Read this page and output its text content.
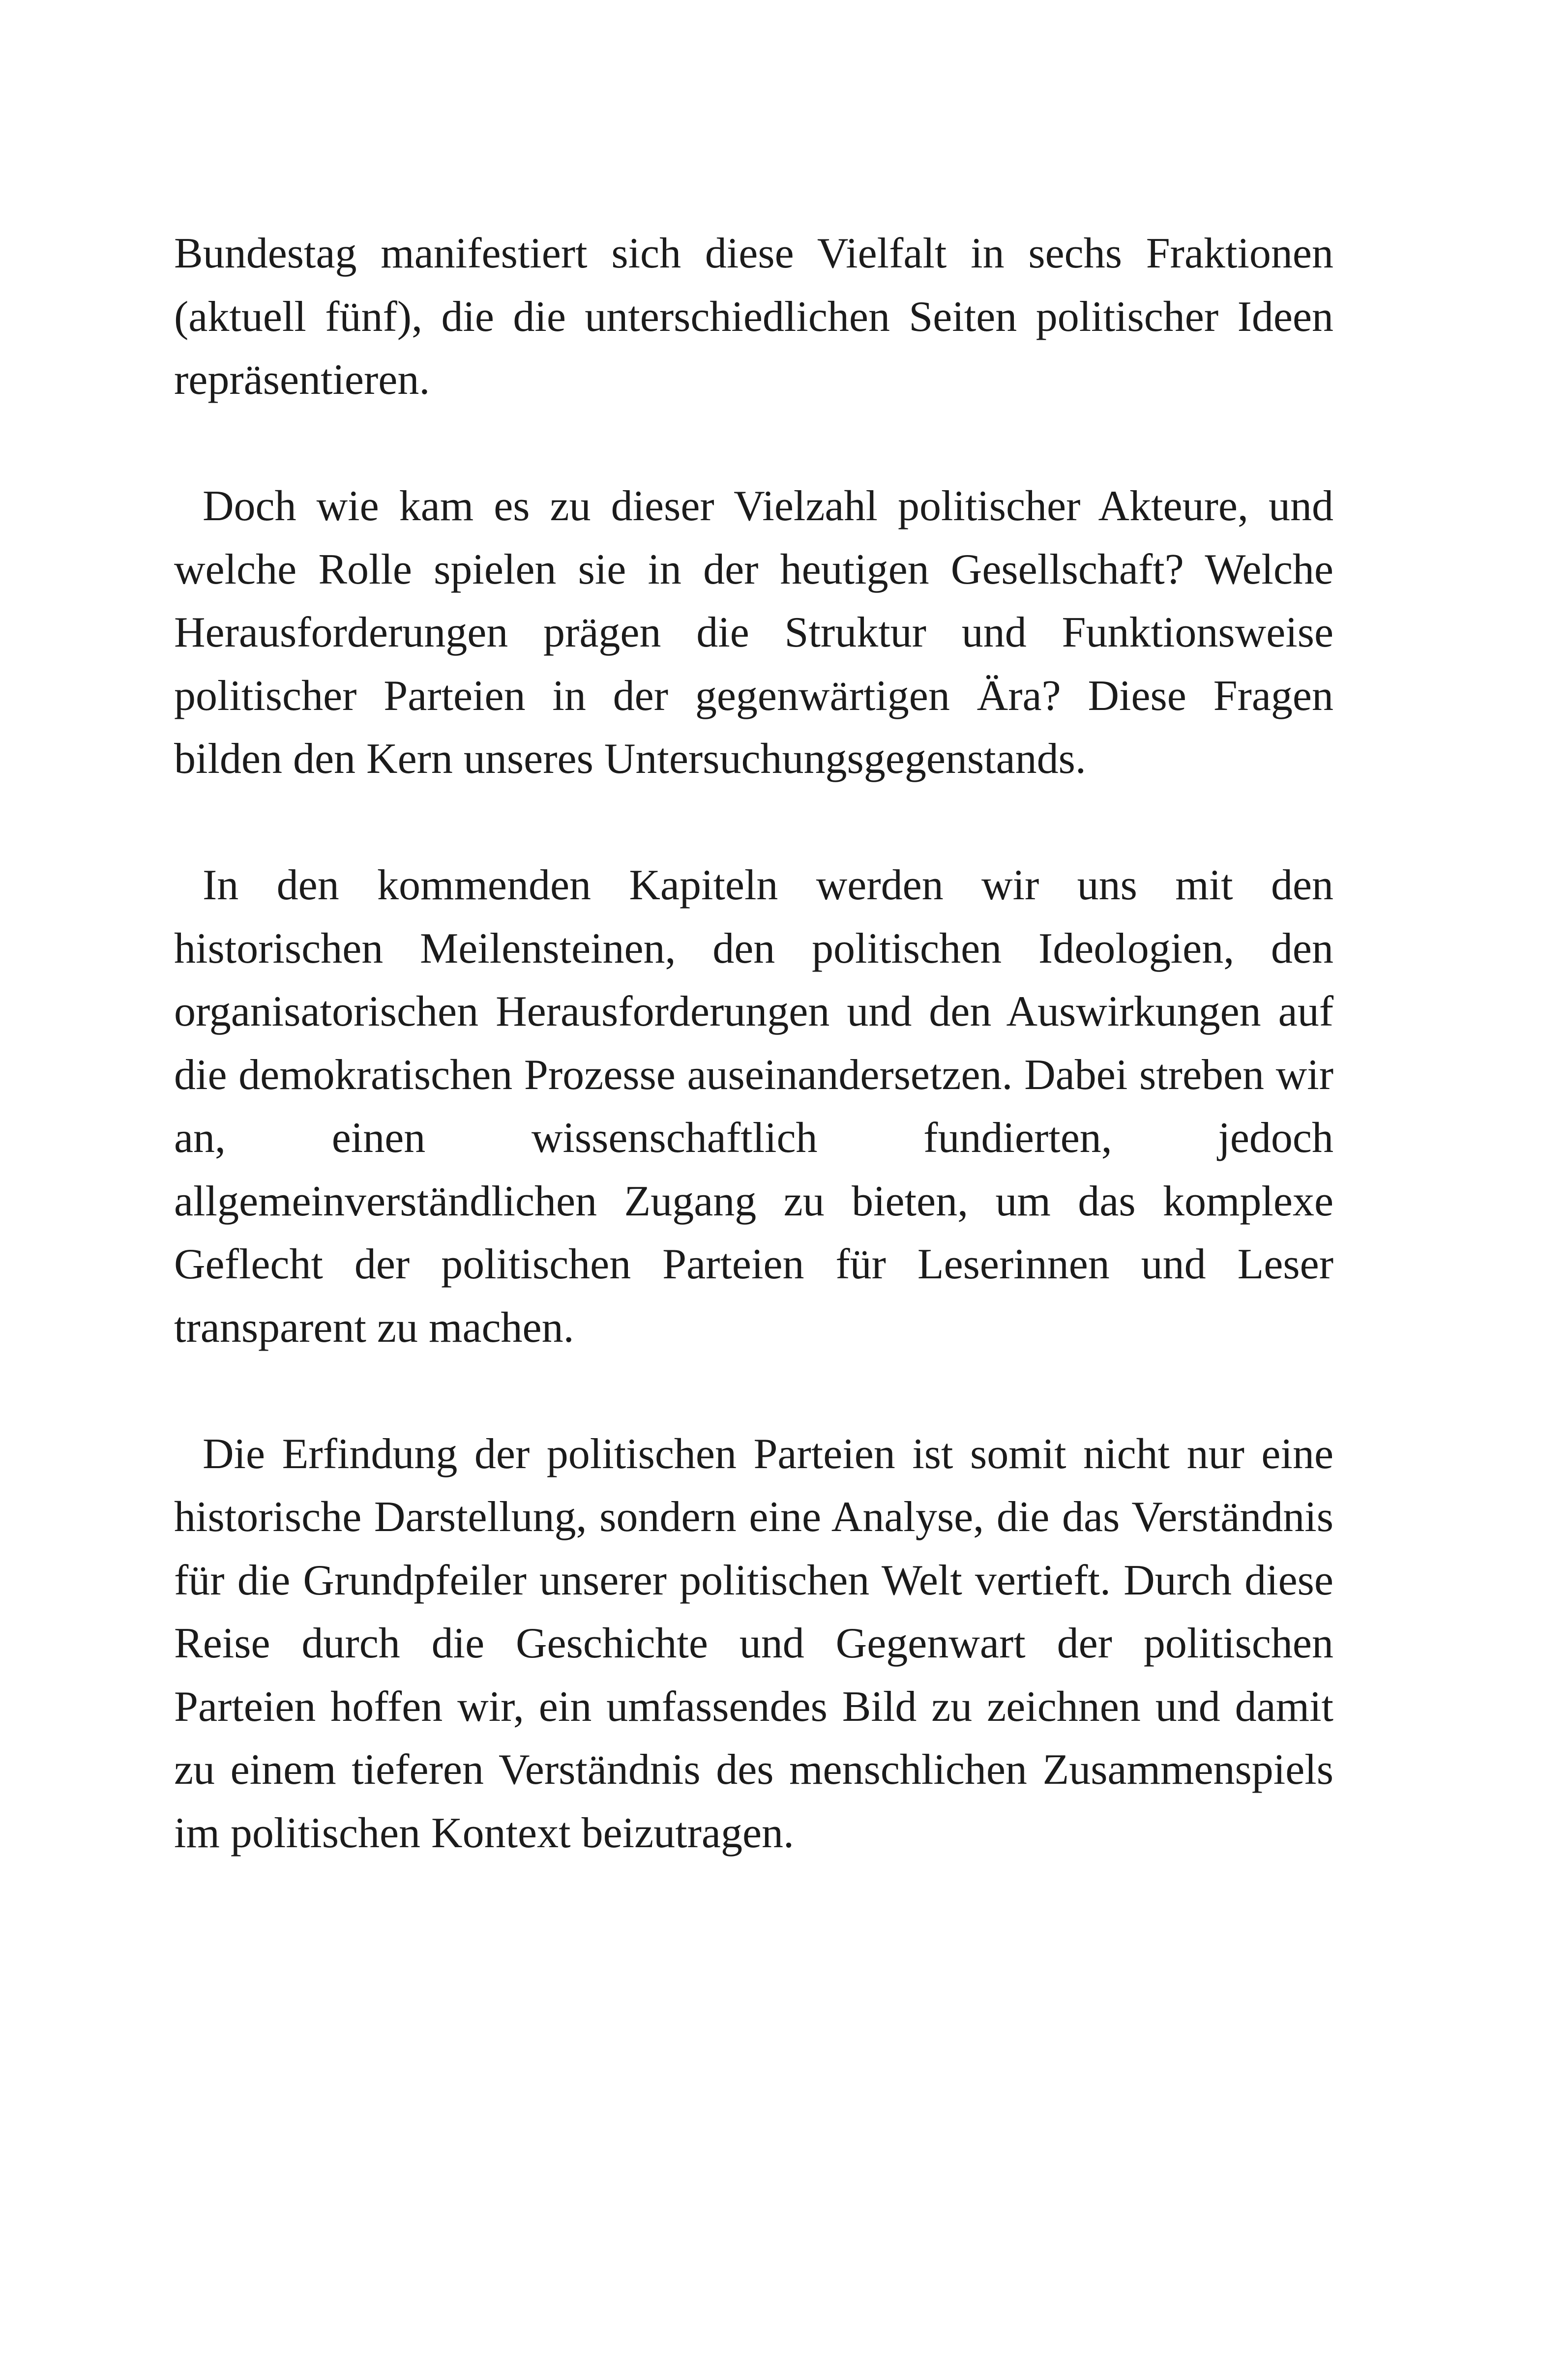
Bundestag manifestiert sich diese Vielfalt in sechs Fraktionen (aktuell fünf), die die unterschiedlichen Seiten politischer Ideen repräsentieren.

Doch wie kam es zu dieser Vielzahl politischer Akteure, und welche Rolle spielen sie in der heutigen Gesellschaft? Welche Herausforderungen prägen die Struktur und Funktionsweise politischer Parteien in der gegenwärtigen Ära? Diese Fragen bilden den Kern unseres Untersuchungsgegenstands.

In den kommenden Kapiteln werden wir uns mit den historischen Meilensteinen, den politischen Ideologien, den organisatorischen Herausforderungen und den Auswirkungen auf die demokratischen Prozesse auseinandersetzen. Dabei streben wir an, einen wissenschaftlich fundierten, jedoch allgemeinverständlichen Zugang zu bieten, um das komplexe Geflecht der politischen Parteien für Leserinnen und Leser transparent zu machen.

Die Erfindung der politischen Parteien ist somit nicht nur eine historische Darstellung, sondern eine Analyse, die das Verständnis für die Grundpfeiler unserer politischen Welt vertieft. Durch diese Reise durch die Geschichte und Gegenwart der politischen Parteien hoffen wir, ein umfassendes Bild zu zeichnen und damit zu einem tieferen Verständnis des menschlichen Zusammenspiels im politischen Kontext beizutragen.
